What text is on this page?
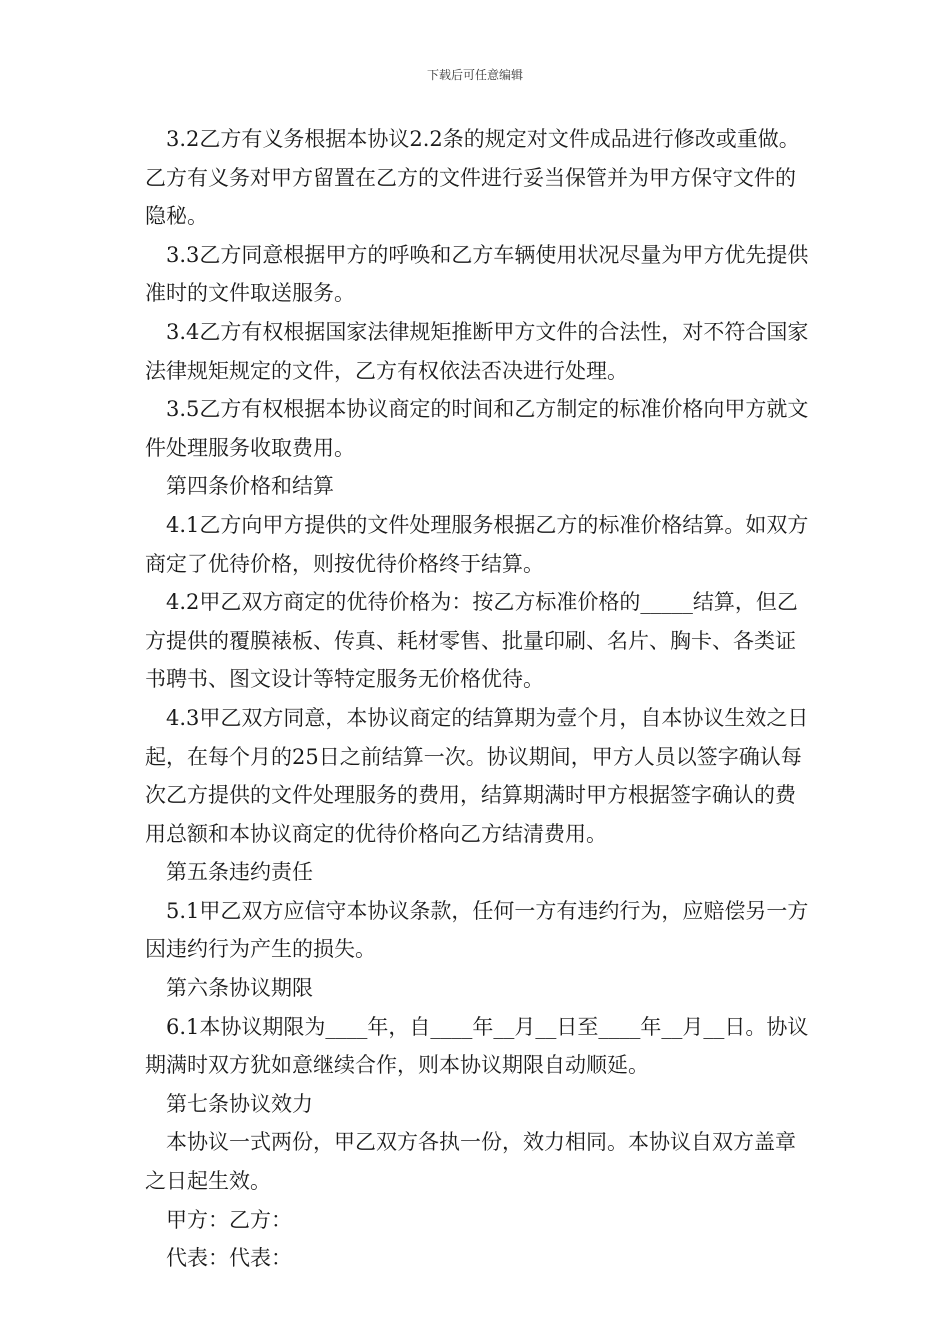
下载后可任意编辑

3.2乙方有义务根据本协议2.2条的规定对文件成品进行修改或重做。乙方有义务对甲方留置在乙方的文件进行妥当保管并为甲方保守文件的隐秘。

3.3乙方同意根据甲方的呼唤和乙方车辆使用状况尽量为甲方优先提供准时的文件取送服务。

3.4乙方有权根据国家法律规矩推断甲方文件的合法性，对不符合国家法律规矩规定的文件，乙方有权依法否决进行处理。

3.5乙方有权根据本协议商定的时间和乙方制定的标准价格向甲方就文件处理服务收取费用。

第四条价格和结算

4.1乙方向甲方提供的文件处理服务根据乙方的标准价格结算。如双方商定了优待价格，则按优待价格终于结算。

4.2甲乙双方商定的优待价格为：按乙方标准价格的_____结算，但乙方提供的覆膜裱板、传真、耗材零售、批量印刷、名片、胸卡、各类证书聘书、图文设计等特定服务无价格优待。

4.3甲乙双方同意，本协议商定的结算期为壹个月，自本协议生效之日起，在每个月的25日之前结算一次。协议期间，甲方人员以签字确认每次乙方提供的文件处理服务的费用，结算期满时甲方根据签字确认的费用总额和本协议商定的优待价格向乙方结清费用。

第五条违约责任

5.1甲乙双方应信守本协议条款，任何一方有违约行为，应赔偿另一方因违约行为产生的损失。

第六条协议期限

6.1本协议期限为____年，自____年__月__日至____年__月__日。协议期满时双方犹如意继续合作，则本协议期限自动顺延。

第七条协议效力

本协议一式两份，甲乙双方各执一份，效力相同。本协议自双方盖章之日起生效。

甲方：乙方：

代表：代表：
